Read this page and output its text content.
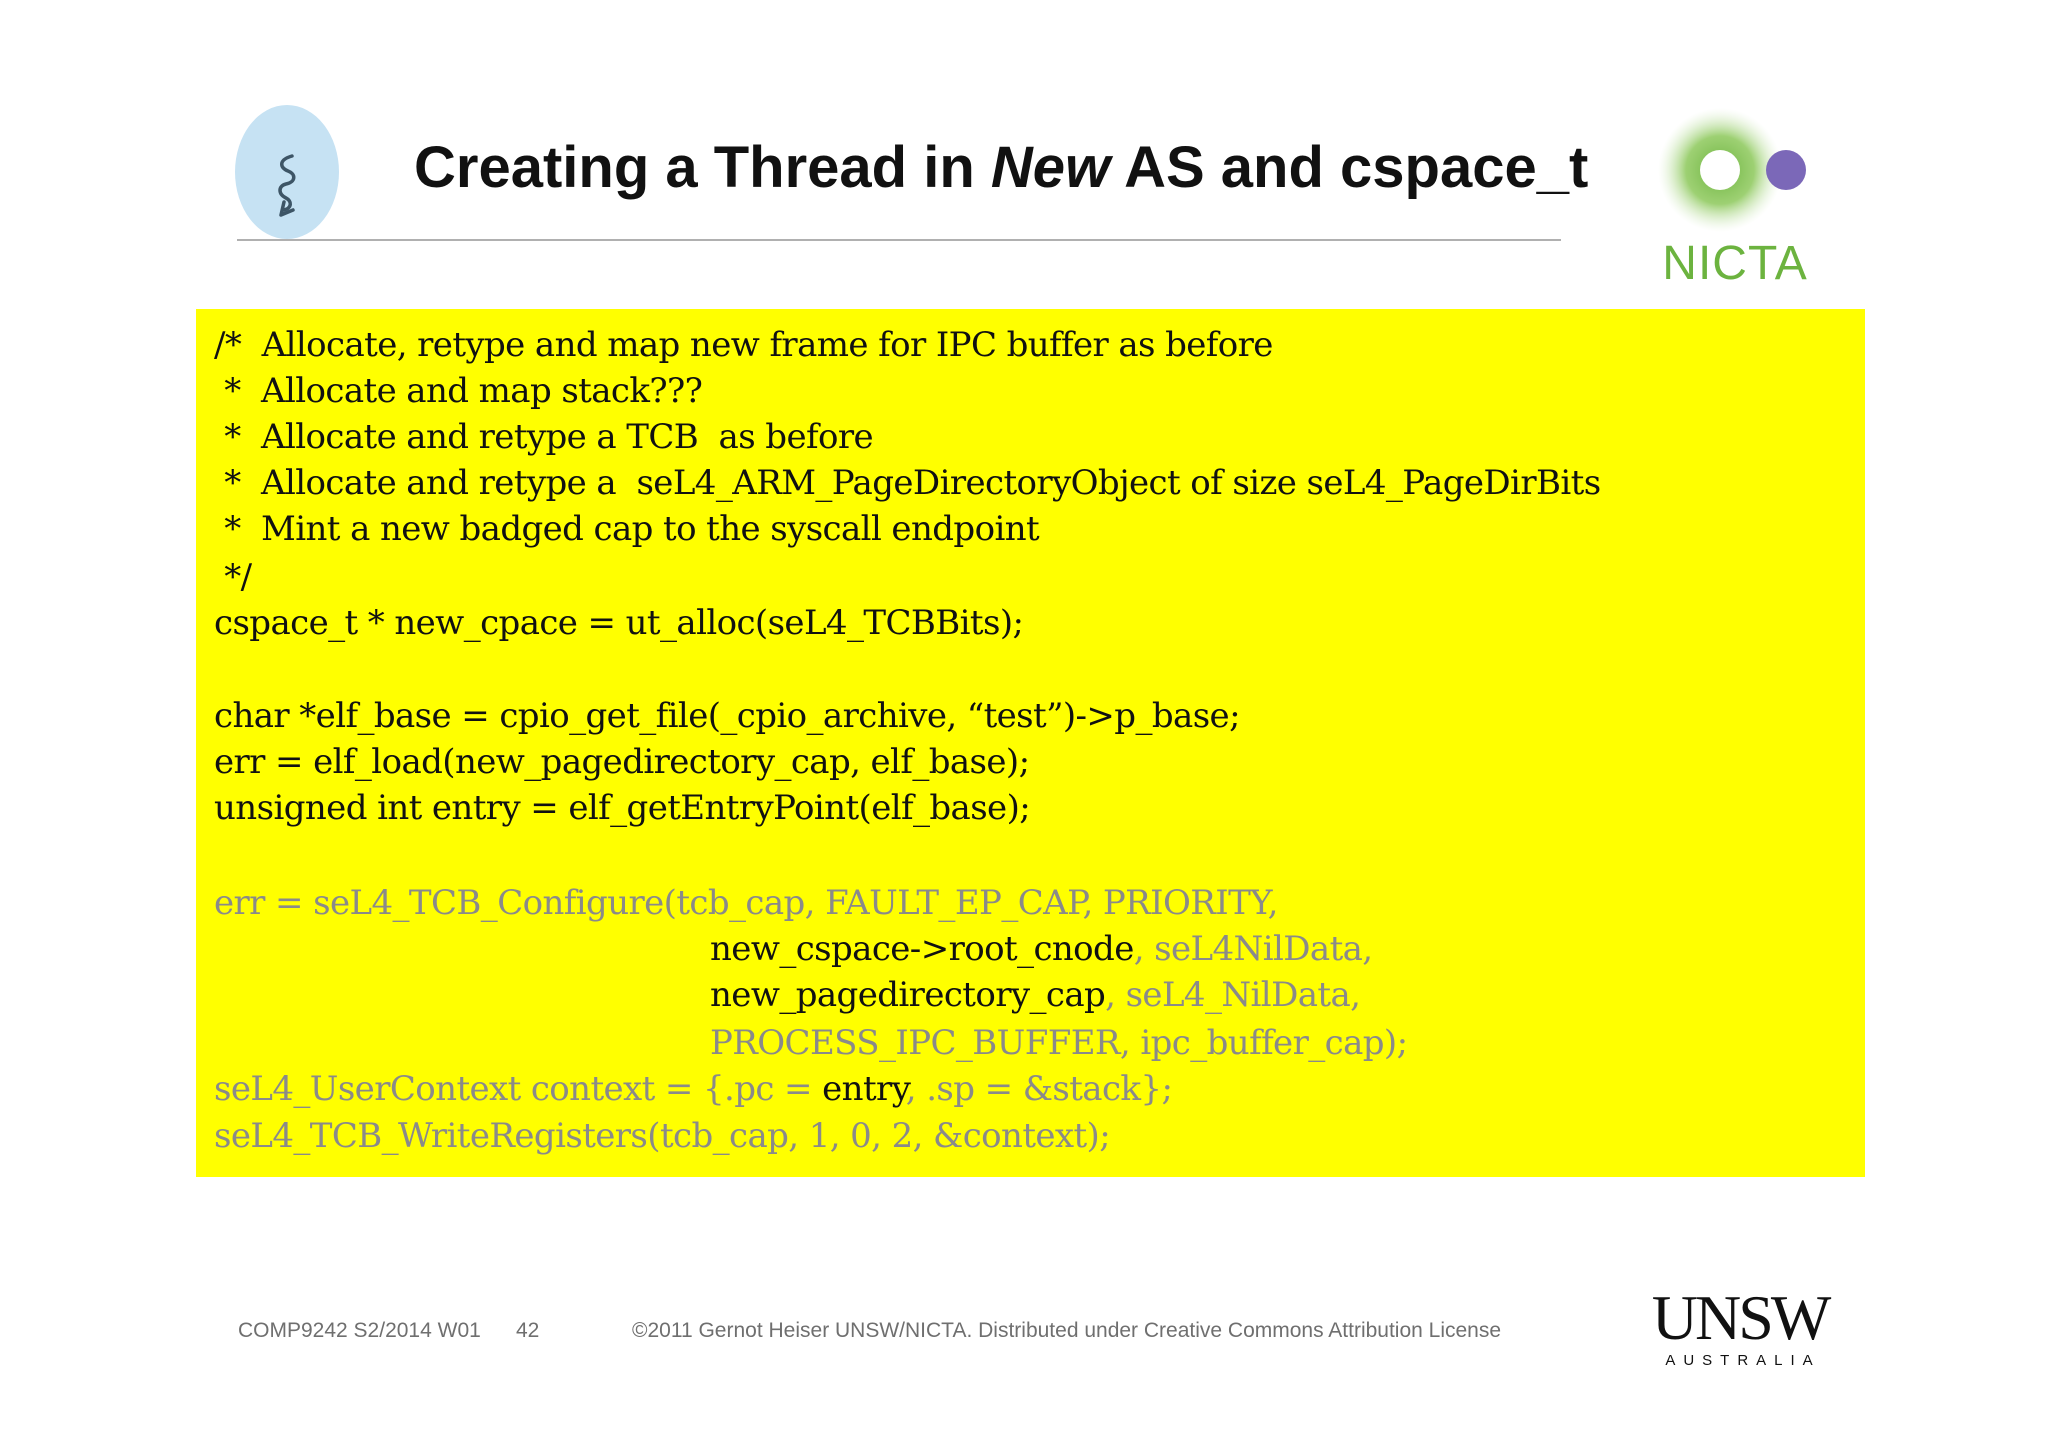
Creating a Thread in New AS and cspace_t
NICTA
/*  Allocate, retype and map new frame for IPC buffer as before
*  Allocate and map stack???
*  Allocate and retype a TCB  as before
*  Allocate and retype a  seL4_ARM_PageDirectoryObject of size seL4_PageDirBits
*  Mint a new badged cap to the syscall endpoint
*/
cspace_t * new_cpace = ut_alloc(seL4_TCBBits);
char *elf_base = cpio_get_file(_cpio_archive, “test”)->p_base;
err = elf_load(new_pagedirectory_cap, elf_base);
unsigned int entry = elf_getEntryPoint(elf_base);
err = seL4_TCB_Configure(tcb_cap, FAULT_EP_CAP, PRIORITY,
new_cspace->root_cnode, seL4NilData,
new_pagedirectory_cap, seL4_NilData,
PROCESS_IPC_BUFFER, ipc_buffer_cap);
seL4_UserContext context = {.pc = entry, .sp = &stack};
seL4_TCB_WriteRegisters(tcb_cap, 1, 0, 2, &context);
COMP9242 S2/2014 W01 42	©2011 Gernot Heiser UNSW/NICTA. Distributed under Creative Commons Attribution License UNSW
AUSTRALIA
